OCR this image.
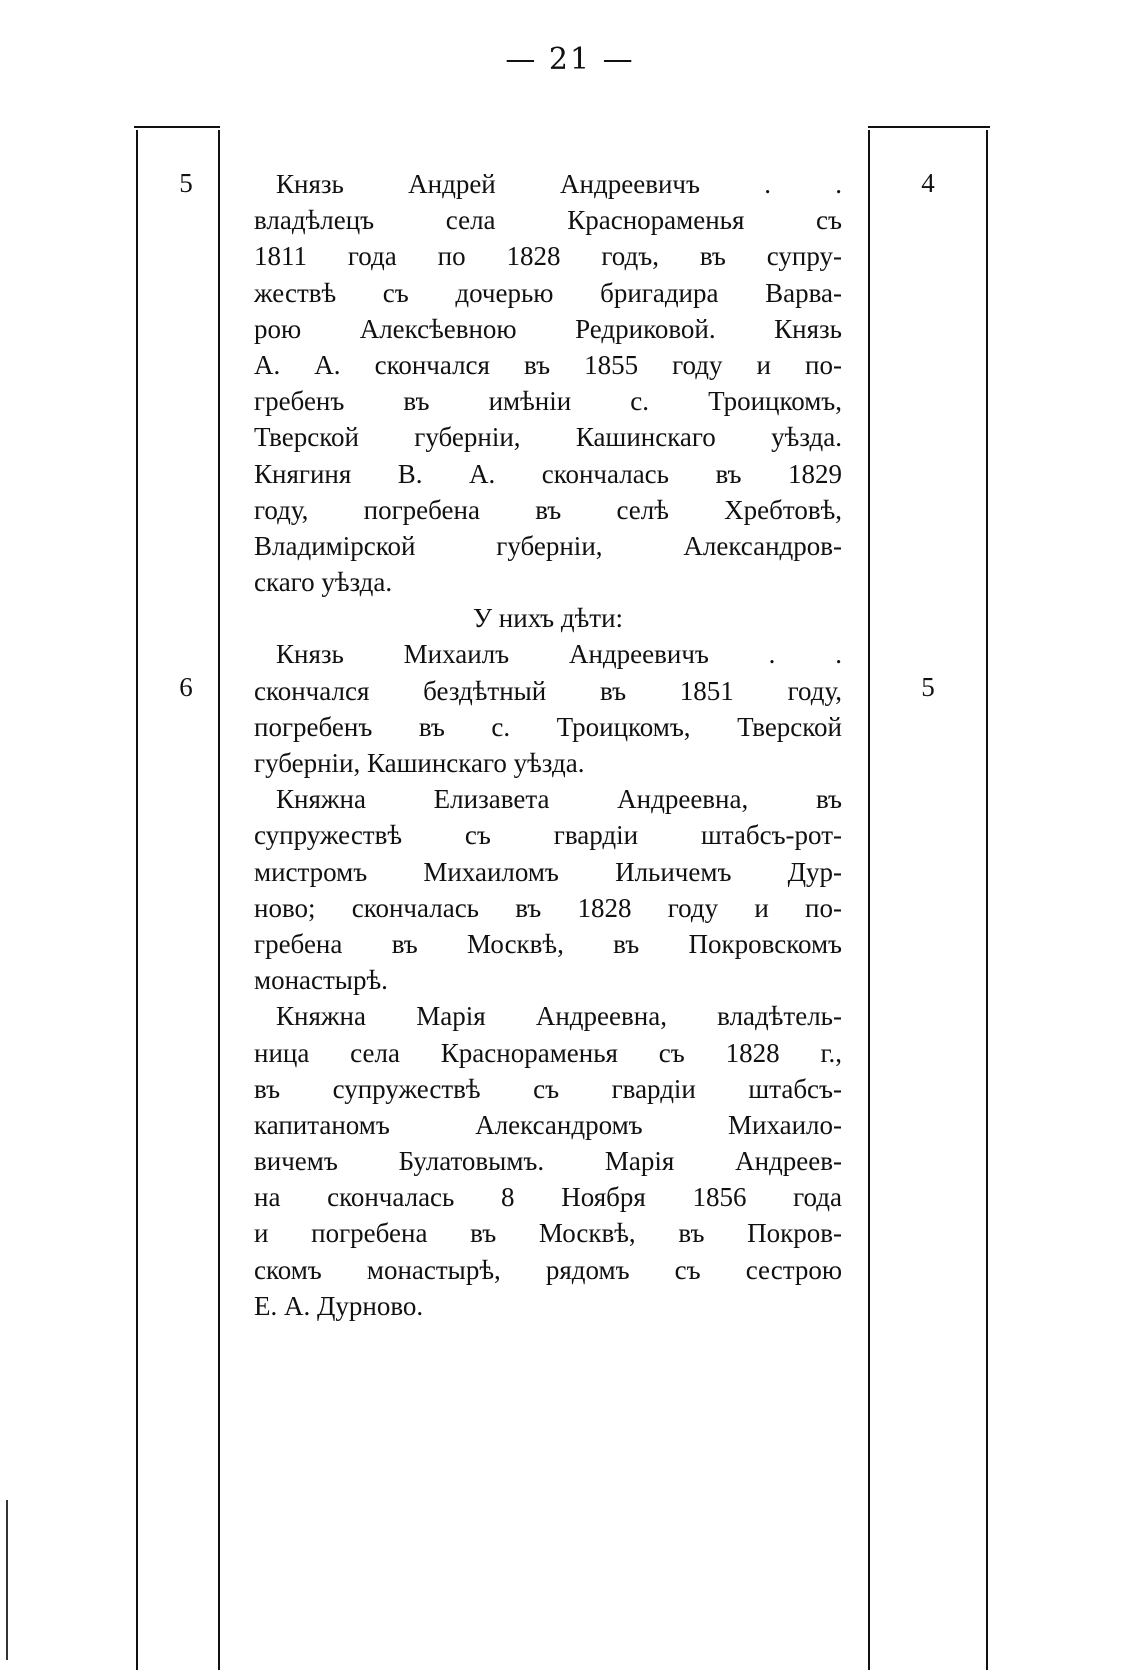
— 21 —
5	4
6	5
Князь Андрей Андреевичъ . .
владѣлецъ села Краснораменья съ
1811 года по 1828 годъ, въ супру-
жествѣ съ дочерью бригадира Варва-
рою Алексѣевною Редриковой. Князь
А. А. скончался въ 1855 году и по-
гребенъ въ имѣніи с. Троицкомъ,
Тверской губерніи, Кашинскаго уѣзда.
Княгиня В. А. скончалась въ 1829
году, погребена въ селѣ Хребтовѣ,
Владимірской губерніи, Александров-
скаго уѣзда.
У нихъ дѣти:
Князь Михаилъ Андреевичъ . .
скончался бездѣтный въ 1851 году,
погребенъ въ с. Троицкомъ, Тверской
губерніи, Кашинскаго уѣзда.
Княжна Елизавета Андреевна, въ
супружествѣ съ гвардіи штабсъ-рот-
мистромъ Михаиломъ Ильичемъ Дур-
ново; скончалась въ 1828 году и по-
гребена въ Москвѣ, въ Покровскомъ
монастырѣ.
Княжна Марія Андреевна, владѣтель-
ница села Краснораменья съ 1828 г.,
въ супружествѣ съ гвардіи штабсъ-
капитаномъ Александромъ Михаило-
вичемъ Булатовымъ. Марія Андреев-
на скончалась 8 Ноября 1856 года
и погребена въ Москвѣ, въ Покров-
скомъ монастырѣ, рядомъ съ сестрою
Е. А. Дурново.
